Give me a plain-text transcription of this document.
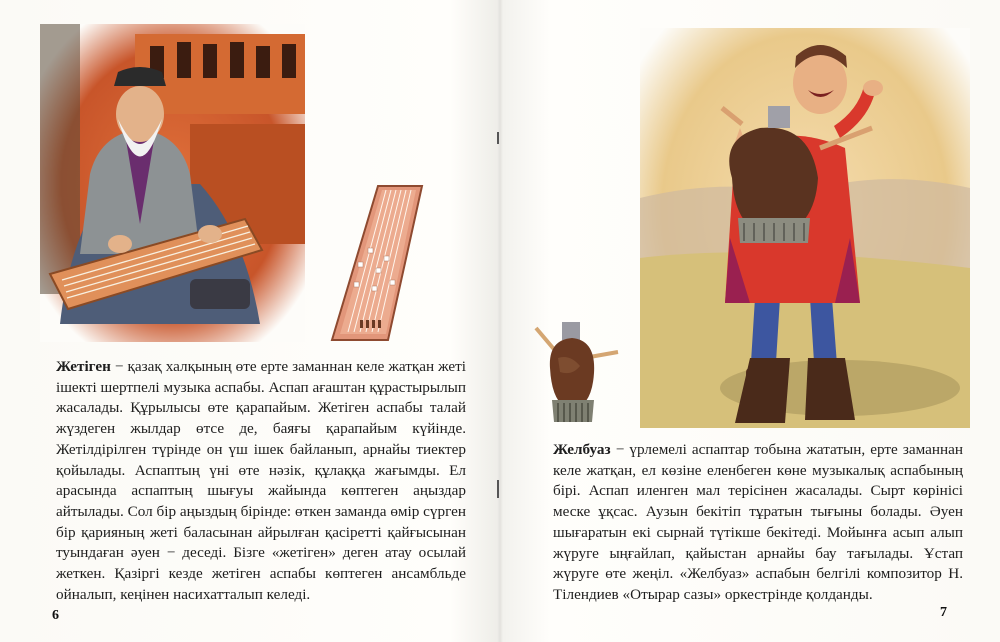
Жетіген − қазақ халқының өте ерте заманнан келе жатқан жеті ішекті шертпелі музыка аспабы. Аспап ағаштан құрастырылып жасалады. Құрылысы өте қарапайым. Жетіген аспабы талай жүздеген жылдар өтсе де, баяғы қарапайым күйінде. Жетілдірілген түрінде он үш ішек байланып, арнайы тиектер қойылады. Аспаптың үні өте нәзік, құлаққа жағымды. Ел арасында аспаптың шығуы жайында көптеген аңыздар айтылады. Сол бір аңыздың бірінде: өткен заманда өмір сүрген бір қарияның жеті баласынан айрылған қасіретті қайғысынан туындаған әуен − деседі. Бізге «жетіген» деген атау осылай жеткен. Қазіргі кезде жетіген аспабы көптеген ансамбльде ойналып, кеңінен насихатталып келеді.

6

Желбуаз − үрлемелі аспаптар тобына жататын, ерте заманнан келе жатқан, ел көзіне еленбеген көне музыкалық аспабының бірі. Аспап иленген мал терісінен жасалады. Сырт көрінісі меске ұқсас. Аузын бекітіп тұратын тығыны болады. Әуен шығаратын екі сырнай түтікше бекітеді. Мойынға асып алып жүруге ыңғайлап, қайыстан арнайы бау тағылады. Ұстап жүруге өте жеңіл. «Желбуаз» аспабын белгілі композитор Н. Тілендиев «Отырар сазы» оркестрінде қолданды.

7
